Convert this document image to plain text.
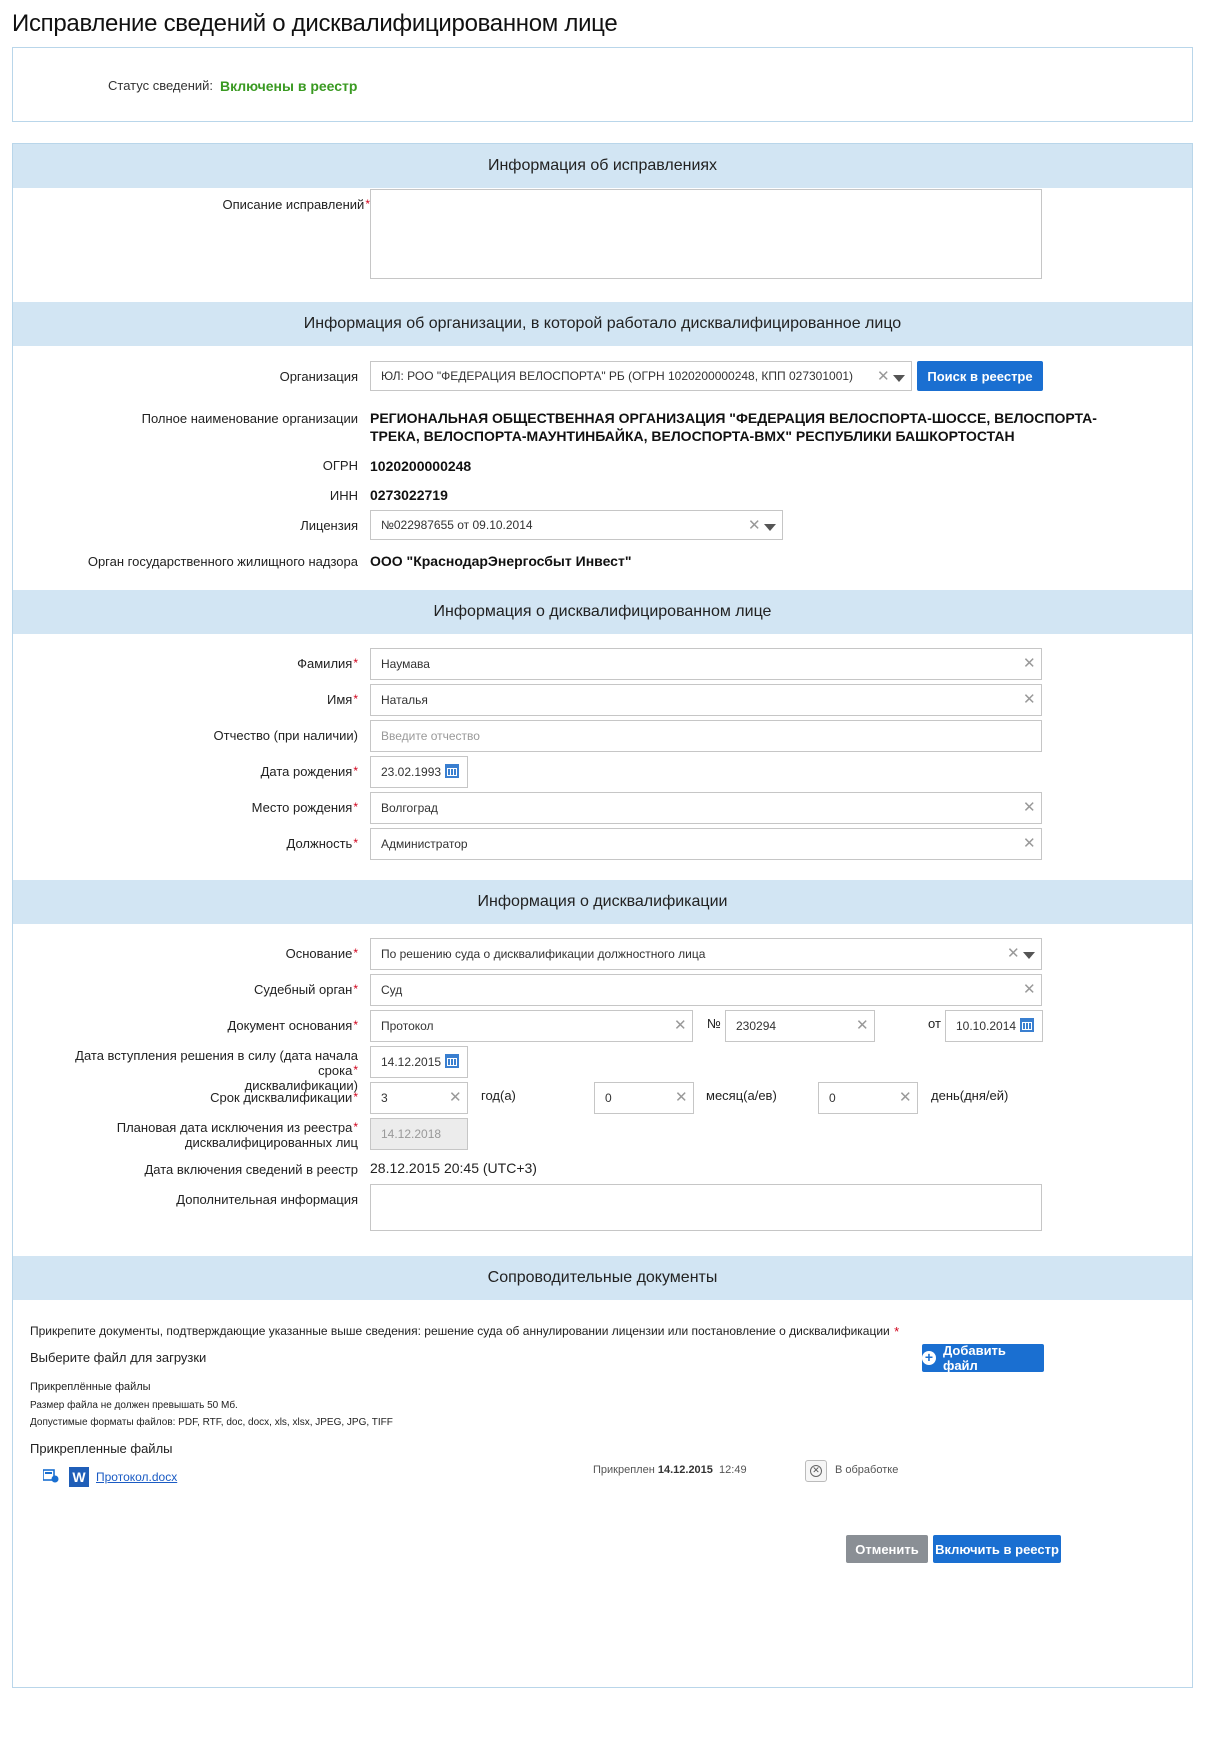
Исправление сведений о дисквалифицированном лице
Статус сведений: Включены в реестр
Информация об исправлениях
Описание исправлений*
Информация об организации, в которой работало дисквалифицированное лицо
Организация	ЮЛ: РОО "ФЕДЕРАЦИЯ ВЕЛОСПОРТА" РБ (ОГРН 1020200000248, КПП 027301001) ✕	Поиск в реестре
Полное наименование организации РЕГИОНАЛЬНАЯ ОБЩЕСТВЕННАЯ ОРГАНИЗАЦИЯ "ФЕДЕРАЦИЯ ВЕЛОСПОРТА-ШОССЕ, ВЕЛОСПОРТА-
ТРЕКА, ВЕЛОСПОРТА-МАУНТИНБАЙКА, ВЕЛОСПОРТА-ВМХ" РЕСПУБЛИКИ БАШКОРТОСТАН
ОГРН 1020200000248
ИНН 0273022719
Лицензия	№022987655 от 09.10.2014	✕
Орган государственного жилищного надзора ООО "КраснодарЭнергосбыт Инвест"
Информация о дисквалифицированном лице
Фамилия*	Наумава	✕
Имя*	Наталья	✕
Отчество (при наличии)	Введите отчество
Дата рождения*	23.02.1993
Место рождения*	Волгоград	✕
Должность*	Администратор	✕
Информация о дисквалификации
Основание*	По решению суда о дисквалификации должностного лица	✕
Судебный орган*	Суд	✕
Документ основания*	Протокол	✕ №	230294	✕	от	10.10.2014
Дата вступления решения в силу (дата начала срока*
дисквалификации)
14.12.2015
Срок дисквалификации*	3	✕ год(а)	0	✕ месяц(а/ев)	0	✕ день(дня/ей)
Плановая дата исключения из реестра*
дисквалифицированных лиц
14.12.2018
Дата включения сведений в реестр 28.12.2015 20:45 (UTC+3)
Дополнительная информация
Сопроводительные документы
Прикрепите документы, подтверждающие указанные выше сведения: решение суда об аннулировании лицензии или постановление о дисквалификации *
Выберите файл для загрузки	+ Добавить файл
Прикреплённые файлы
Размер файла не должен превышать 50 Мб.
Допустимые форматы файлов: PDF, RTF, doc, docx, xls, xlsx, JPEG, JPG, TIFF
Прикрепленные файлы
W Протокол.docx	Прикреплен 14.12.2015 12:49	✕ В обработке
Отменить	Включить в реестр
